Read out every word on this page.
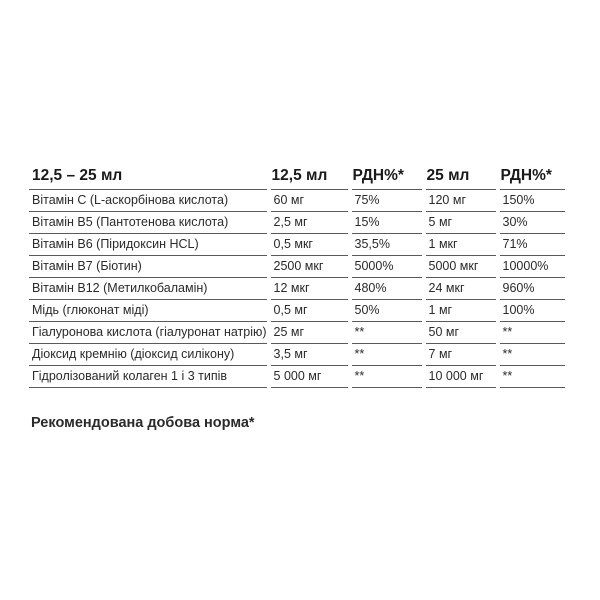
12,5 – 25 мл	12,5 мл	РДН%*	25 мл	РДН%*
Вітамін С (L-аскорбінова кислота)	60 мг	75%	120 мг	150%
Вітамін В5 (Пантотенова кислота)	2,5 мг	15%	5 мг	30%
Вітамін В6 (Піридоксин HCL)	0,5 мкг	35,5%	1 мкг	71%
Вітамін В7 (Біотин)	2500 мкг	5000%	5000 мкг	10000%
Вітамін В12 (Метилкобаламін)	12 мкг	480%	24 мкг	960%
Мідь (глюконат міді)	0,5 мг	50%	1 мг	100%
Гіалуронова кислота (гіалуронат натрію)	25 мг	**	50 мг	**
Діоксид кремнію (діоксид силікону)	3,5 мг	**	7 мг	**
Гідролізований колаген 1 і 3 типів	5 000 мг	**	10 000 мг	**
Рекомендована добова норма*
